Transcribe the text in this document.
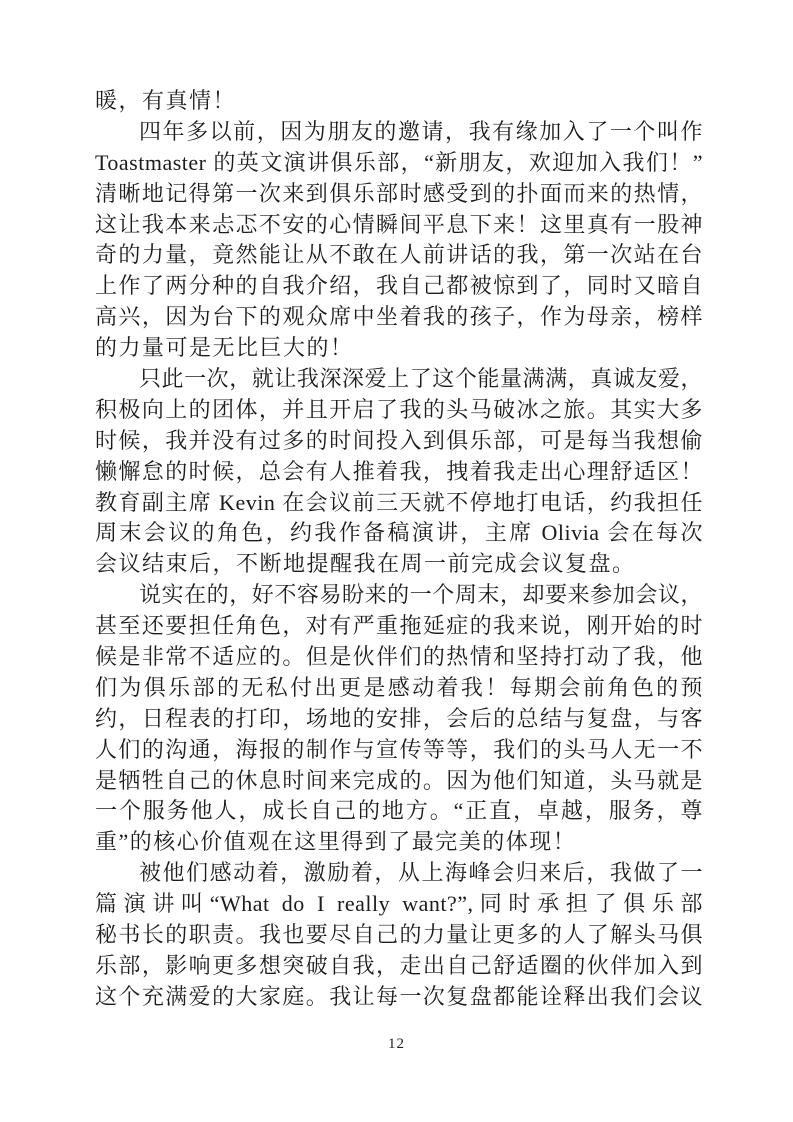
暖，有真情！
四年多以前，因为朋友的邀请，我有缘加入了一个叫作
Toastmaster 的英文演讲俱乐部，“新朋友，欢迎加入我们！”
清晰地记得第一次来到俱乐部时感受到的扑面而来的热情，
这让我本来忐忑不安的心情瞬间平息下来！这里真有一股神
奇的力量，竟然能让从不敢在人前讲话的我，第一次站在台
上作了两分种的自我介绍，我自己都被惊到了，同时又暗自
高兴，因为台下的观众席中坐着我的孩子，作为母亲，榜样
的力量可是无比巨大的！
只此一次，就让我深深爱上了这个能量满满，真诚友爱，
积极向上的团体，并且开启了我的头马破冰之旅。其实大多
时候，我并没有过多的时间投入到俱乐部，可是每当我想偷
懒懈怠的时候，总会有人推着我，拽着我走出心理舒适区！
教育副主席 Kevin 在会议前三天就不停地打电话，约我担任
周末会议的角色，约我作备稿演讲，主席 Olivia 会在每次
会议结束后，不断地提醒我在周一前完成会议复盘。
说实在的，好不容易盼来的一个周末，却要来参加会议，
甚至还要担任角色，对有严重拖延症的我来说，刚开始的时
候是非常不适应的。但是伙伴们的热情和坚持打动了我，他
们为俱乐部的无私付出更是感动着我！每期会前角色的预
约，日程表的打印，场地的安排，会后的总结与复盘，与客
人们的沟通，海报的制作与宣传等等，我们的头马人无一不
是牺牲自己的休息时间来完成的。因为他们知道，头马就是
一个服务他人，成长自己的地方。“正直，卓越，服务，尊
重”的核心价值观在这里得到了最完美的体现！
被他们感动着，激励着，从上海峰会归来后，我做了一
篇演讲叫“What do I really want?”,同时承担了俱乐部
秘书长的职责。我也要尽自己的力量让更多的人了解头马俱
乐部，影响更多想突破自我，走出自己舒适圈的伙伴加入到
这个充满爱的大家庭。我让每一次复盘都能诠释出我们会议
12
